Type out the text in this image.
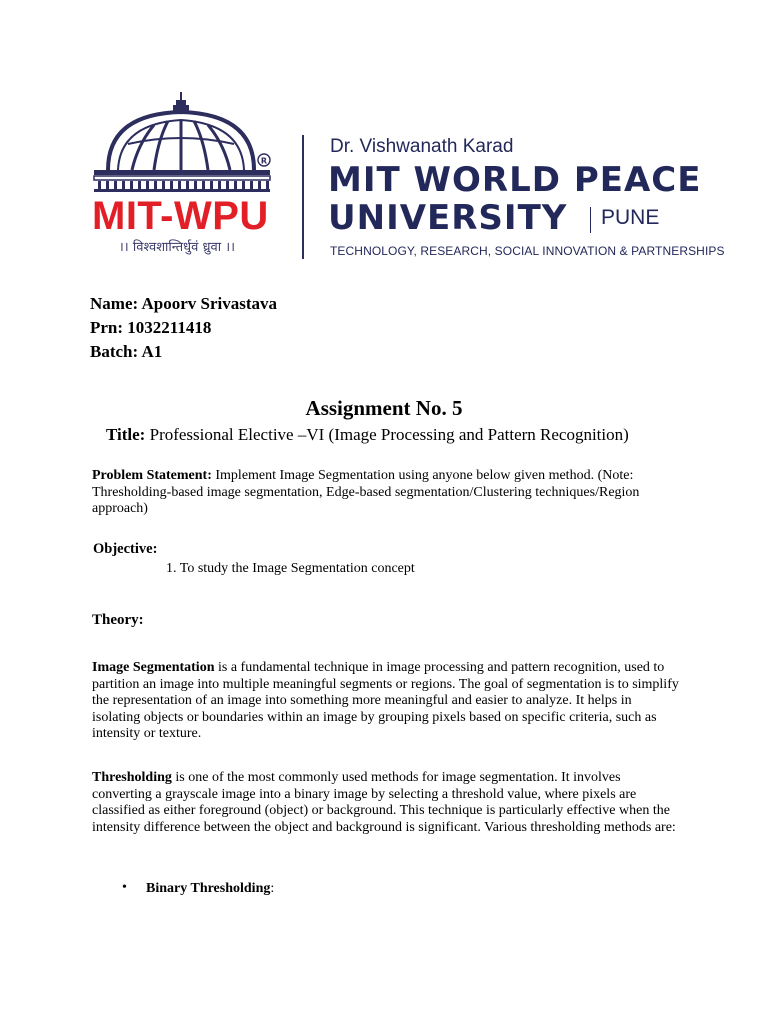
R
MIT-WPU
।। विश्वशान्तिर्धुवं ध्रुवा ।।
Dr. Vishwanath Karad
MIT WORLD PEACE
UNIVERSITY PUNE
TECHNOLOGY, RESEARCH, SOCIAL INNOVATION & PARTNERSHIPS
Name: Apoorv Srivastava
Prn: 1032211418
Batch: A1
Assignment No. 5
Title: Professional Elective –VI (Image Processing and Pattern Recognition)
Problem Statement: Implement Image Segmentation using anyone below given method. (Note: Thresholding-based image segmentation, Edge-based segmentation/Clustering techniques/Region approach)
Objective:
1. To study the Image Segmentation concept
Theory:
Image Segmentation is a fundamental technique in image processing and pattern recognition, used to partition an image into multiple meaningful segments or regions. The goal of segmentation is to simplify the representation of an image into something more meaningful and easier to analyze. It helps in isolating objects or boundaries within an image by grouping pixels based on specific criteria, such as intensity or texture.
Thresholding is one of the most commonly used methods for image segmentation. It involves converting a grayscale image into a binary image by selecting a threshold value, where pixels are classified as either foreground (object) or background. This technique is particularly effective when the intensity difference between the object and background is significant. Various thresholding methods are:
• Binary Thresholding:
